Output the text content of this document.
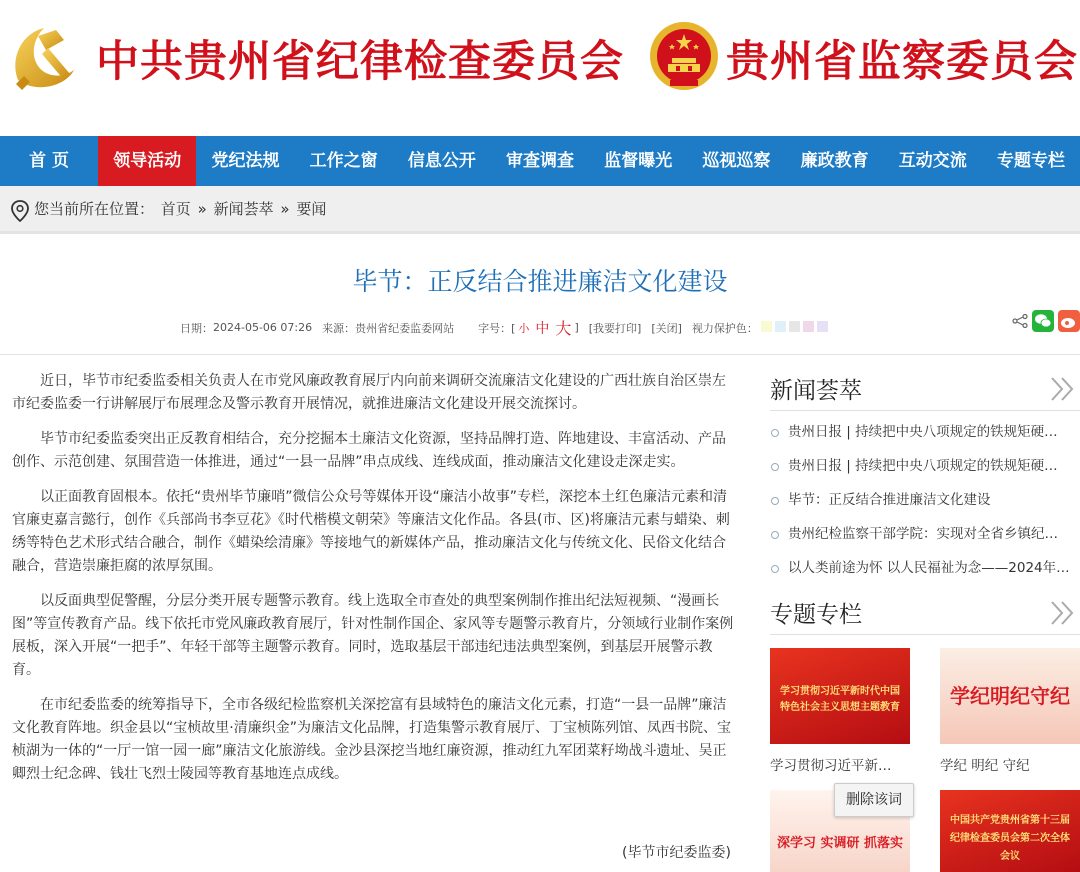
中共贵州省纪律检查委员会 贵州省监察委员会
首 页	领导活动	党纪法规	工作之窗	信息公开	审查调查	监督曝光	巡视巡察	廉政教育	互动交流	专题专栏
您当前所在位置： 首页 » 新闻荟萃 » 要闻
毕节：正反结合推进廉洁文化建设
日期： 2024-05-06 07:26 来源： 贵州省纪委监委网站 字号：[ 小 中 大 ] [我要打印] [关闭] 视力保护色：

近日，毕节市纪委监委相关负责人在市党风廉政教育展厅内向前来调研交流廉洁文化建设的广西壮族自治区崇左市纪委监委一行讲解展厅布展理念及警示教育开展情况，就推进廉洁文化建设开展交流探讨。

毕节市纪委监委突出正反教育相结合，充分挖掘本土廉洁文化资源，坚持品牌打造、阵地建设、丰富活动、产品创作、示范创建、氛围营造一体推进，通过“一县一品牌”串点成线、连线成面，推动廉洁文化建设走深走实。

以正面教育固根本。依托“贵州毕节廉哨”微信公众号等媒体开设“廉洁小故事”专栏，深挖本土红色廉洁元素和清官廉吏嘉言懿行，创作《兵部尚书李豆花》《时代楷模文朝荣》等廉洁文化作品。各县(市、区)将廉洁元素与蜡染、刺绣等特色艺术形式结合融合，制作《蜡染绘清廉》等接地气的新媒体产品，推动廉洁文化与传统文化、民俗文化结合融合，营造崇廉拒腐的浓厚氛围。

以反面典型促警醒，分层分类开展专题警示教育。线上选取全市查处的典型案例制作推出纪法短视频、“漫画长图”等宣传教育产品。线下依托市党风廉政教育展厅，针对性制作国企、家风等专题警示教育片，分领域行业制作案例展板，深入开展“一把手”、年轻干部等主题警示教育。同时，选取基层干部违纪违法典型案例，到基层开展警示教育。

在市纪委监委的统筹指导下，全市各级纪检监察机关深挖富有县域特色的廉洁文化元素，打造“一县一品牌”廉洁文化教育阵地。织金县以“宝桢故里·清廉织金”为廉洁文化品牌，打造集警示教育展厅、丁宝桢陈列馆、凤西书院、宝桢湖为一体的“一厅一馆一园一廊”廉洁文化旅游线。金沙县深挖当地红廉资源，推动红九军团菜籽坳战斗遗址、吴正卿烈士纪念碑、钱壮飞烈士陵园等教育基地连点成线。

(毕节市纪委监委)
新闻荟萃
贵州日报 | 持续把中央八项规定的铁规矩硬…
贵州日报 | 持续把中央八项规定的铁规矩硬…
毕节：正反结合推进廉洁文化建设
贵州纪检监察干部学院：实现对全省乡镇纪…
以人类前途为怀 以人民福祉为念——2024年…
专题专栏
学习贯彻习近平新时代中国特色社会主义思想主题教育
学习贯彻习近平新…
学纪明纪守纪
学纪 明纪 守纪
深学习 实调研 抓落实
中国共产党贵州省第十三届纪律检查委员会第二次全体会议
删除该词
